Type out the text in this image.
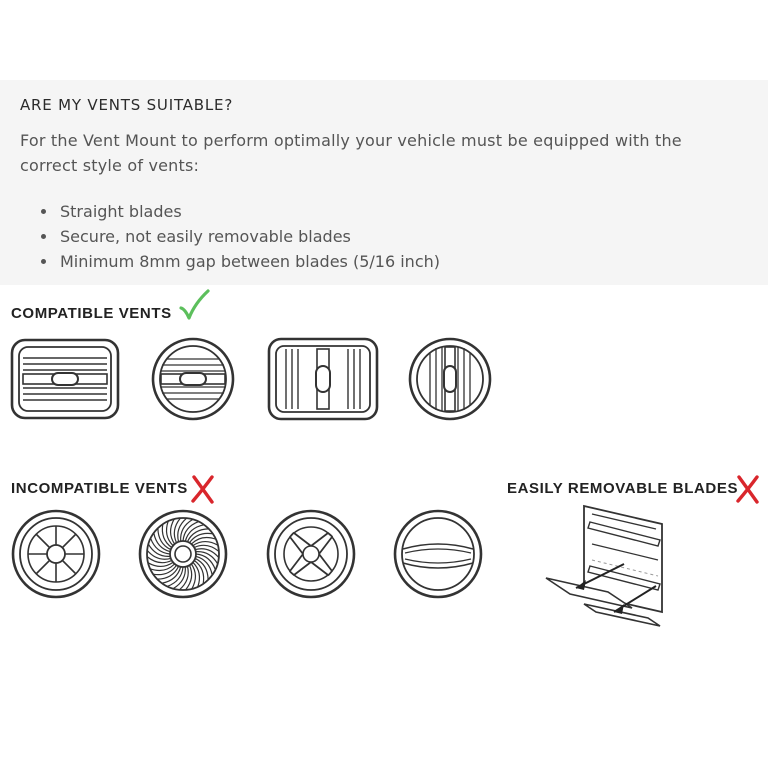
ARE MY VENTS SUITABLE?
For the Vent Mount to perform optimally your vehicle must be equipped with the correct style of vents:
• Straight blades
• Secure, not easily removable blades
• Minimum 8mm gap between blades (5/16 inch)
COMPATIBLE VENTS
INCOMPATIBLE VENTS	EASILY REMOVABLE BLADES
